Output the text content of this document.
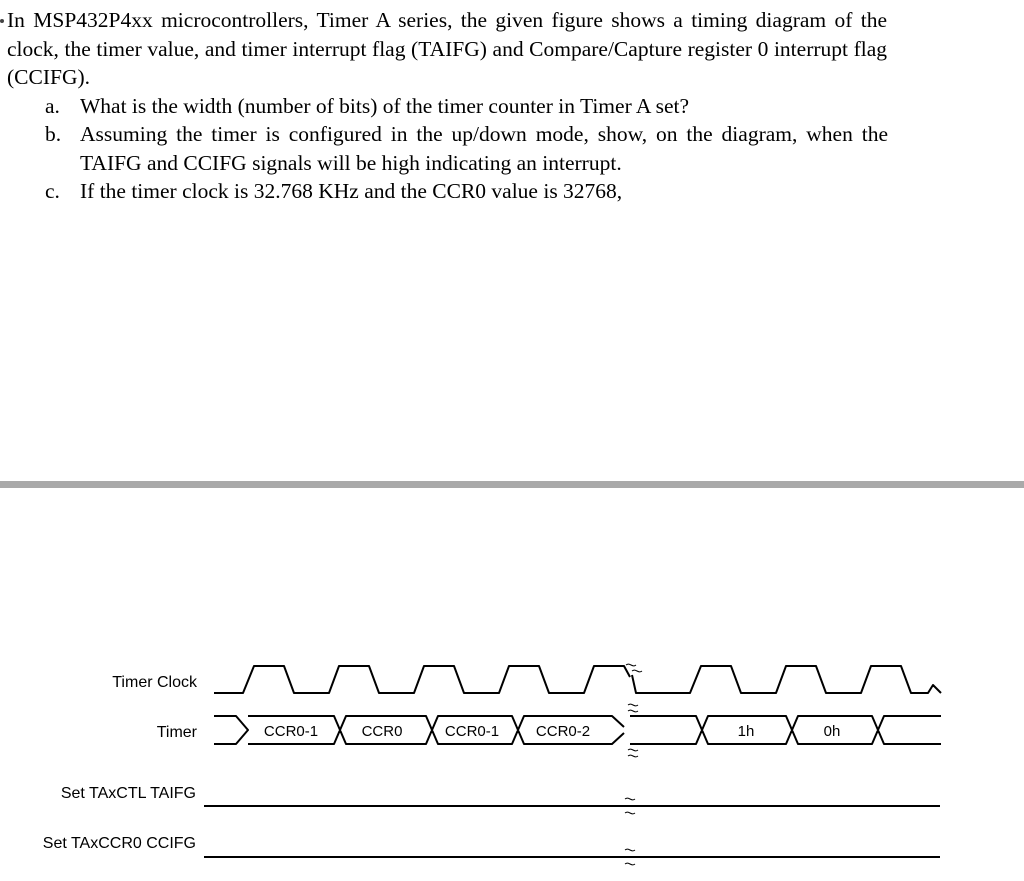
In MSP432P4xx microcontrollers, Timer A series, the given figure shows a timing diagram of the clock, the timer value, and timer interrupt flag (TAIFG) and Compare/Capture register 0 interrupt flag (CCIFG).

a. What is the width (number of bits) of the timer counter in Timer A set?
b. Assuming the timer is configured in the up/down mode, show, on the diagram, when the TAIFG and CCIFG signals will be high indicating an interrupt.
c. If the timer clock is 32.768 KHz and the CCR0 value is 32768,
Timer Clock
Timer
Set TAxCTL TAIFG
Set TAxCCR0 CCIFG
CCR0-1	CCR0	CCR0-1 CCR0-2	1h	0h
